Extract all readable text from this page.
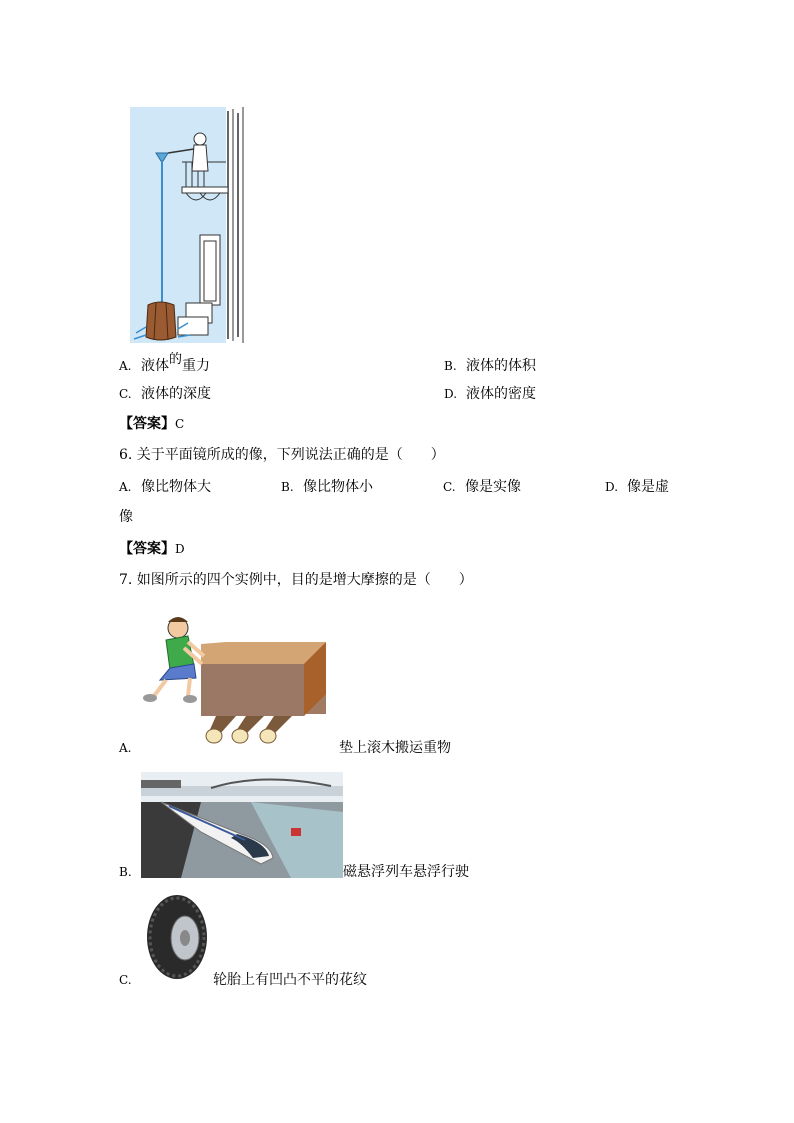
A. 液体的重力	B. 液体的体积
C. 液体的深度	D. 液体的密度
【答案】C
6. 关于平面镜所成的像，下列说法正确的是（　　）
A. 像比物体大	B. 像比物体小	C. 像是实像	D. 像是虚
像
【答案】D
7. 如图所示的四个实例中，目的是增大摩擦的是（　　）
A.	垫上滚木搬运重物
B.	磁悬浮列车悬浮行驶
C.	轮胎上有凹凸不平的花纹
